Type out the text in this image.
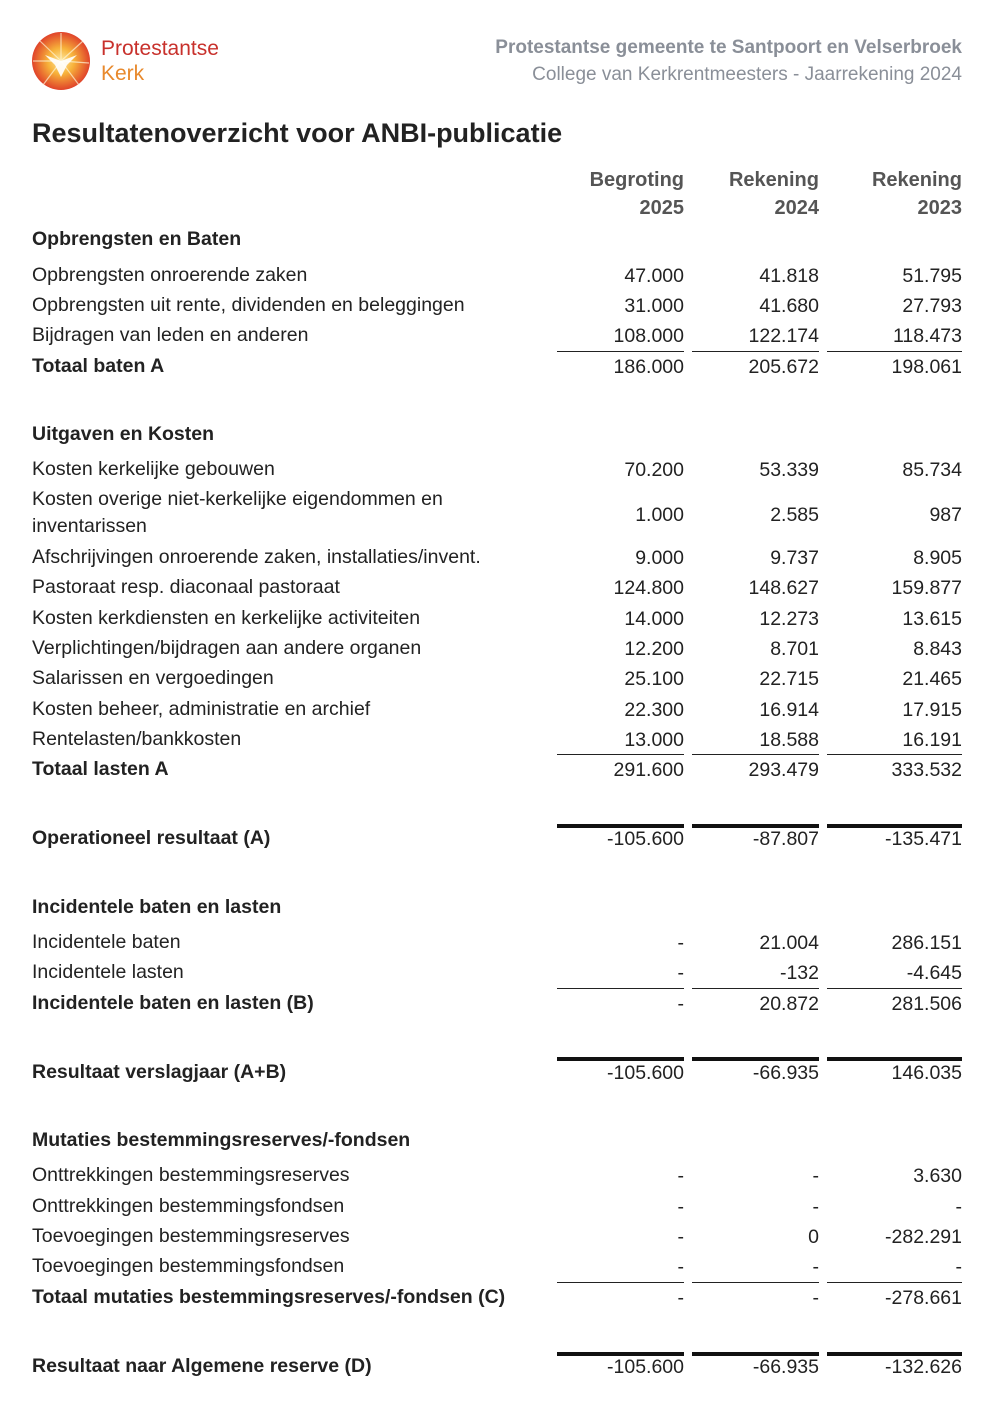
Protestantse
Kerk
Protestantse gemeente te Santpoort en Velserbroek
College van Kerkrentmeesters - Jaarrekening 2024
Resultatenoverzicht voor ANBI-publicatie
Begroting
2025
Rekening
2024
Rekening
2023
Opbrengsten en Baten
Opbrengsten onroerende zaken	47.000	41.818	51.795
Opbrengsten uit rente, dividenden en beleggingen	31.000	41.680	27.793
Bijdragen van leden en anderen	108.000	122.174	118.473
Totaal baten A	186.000	205.672	198.061
Uitgaven en Kosten
Kosten kerkelijke gebouwen	70.200	53.339	85.734
Kosten overige niet-kerkelijke eigendommen en
inventarissen	1.000	2.585	987
Afschrijvingen onroerende zaken, installaties/invent.	9.000	9.737	8.905
Pastoraat resp. diaconaal pastoraat	124.800	148.627	159.877
Kosten kerkdiensten en kerkelijke activiteiten	14.000	12.273	13.615
Verplichtingen/bijdragen aan andere organen	12.200	8.701	8.843
Salarissen en vergoedingen	25.100	22.715	21.465
Kosten beheer, administratie en archief	22.300	16.914	17.915
Rentelasten/bankkosten	13.000	18.588	16.191
Totaal lasten A	291.600	293.479	333.532
Operationeel resultaat (A)	-105.600	-87.807	-135.471
Incidentele baten en lasten
Incidentele baten	-	21.004	286.151
Incidentele lasten	-	-132	-4.645
Incidentele baten en lasten (B)	-	20.872	281.506
Resultaat verslagjaar (A+B)	-105.600	-66.935	146.035
Mutaties bestemmingsreserves/-fondsen
Onttrekkingen bestemmingsreserves	-	-	3.630
Onttrekkingen bestemmingsfondsen	-	-	-
Toevoegingen bestemmingsreserves	-	0	-282.291
Toevoegingen bestemmingsfondsen	-	-	-
Totaal mutaties bestemmingsreserves/-fondsen (C)	-	-	-278.661
Resultaat naar Algemene reserve (D)	-105.600	-66.935	-132.626
